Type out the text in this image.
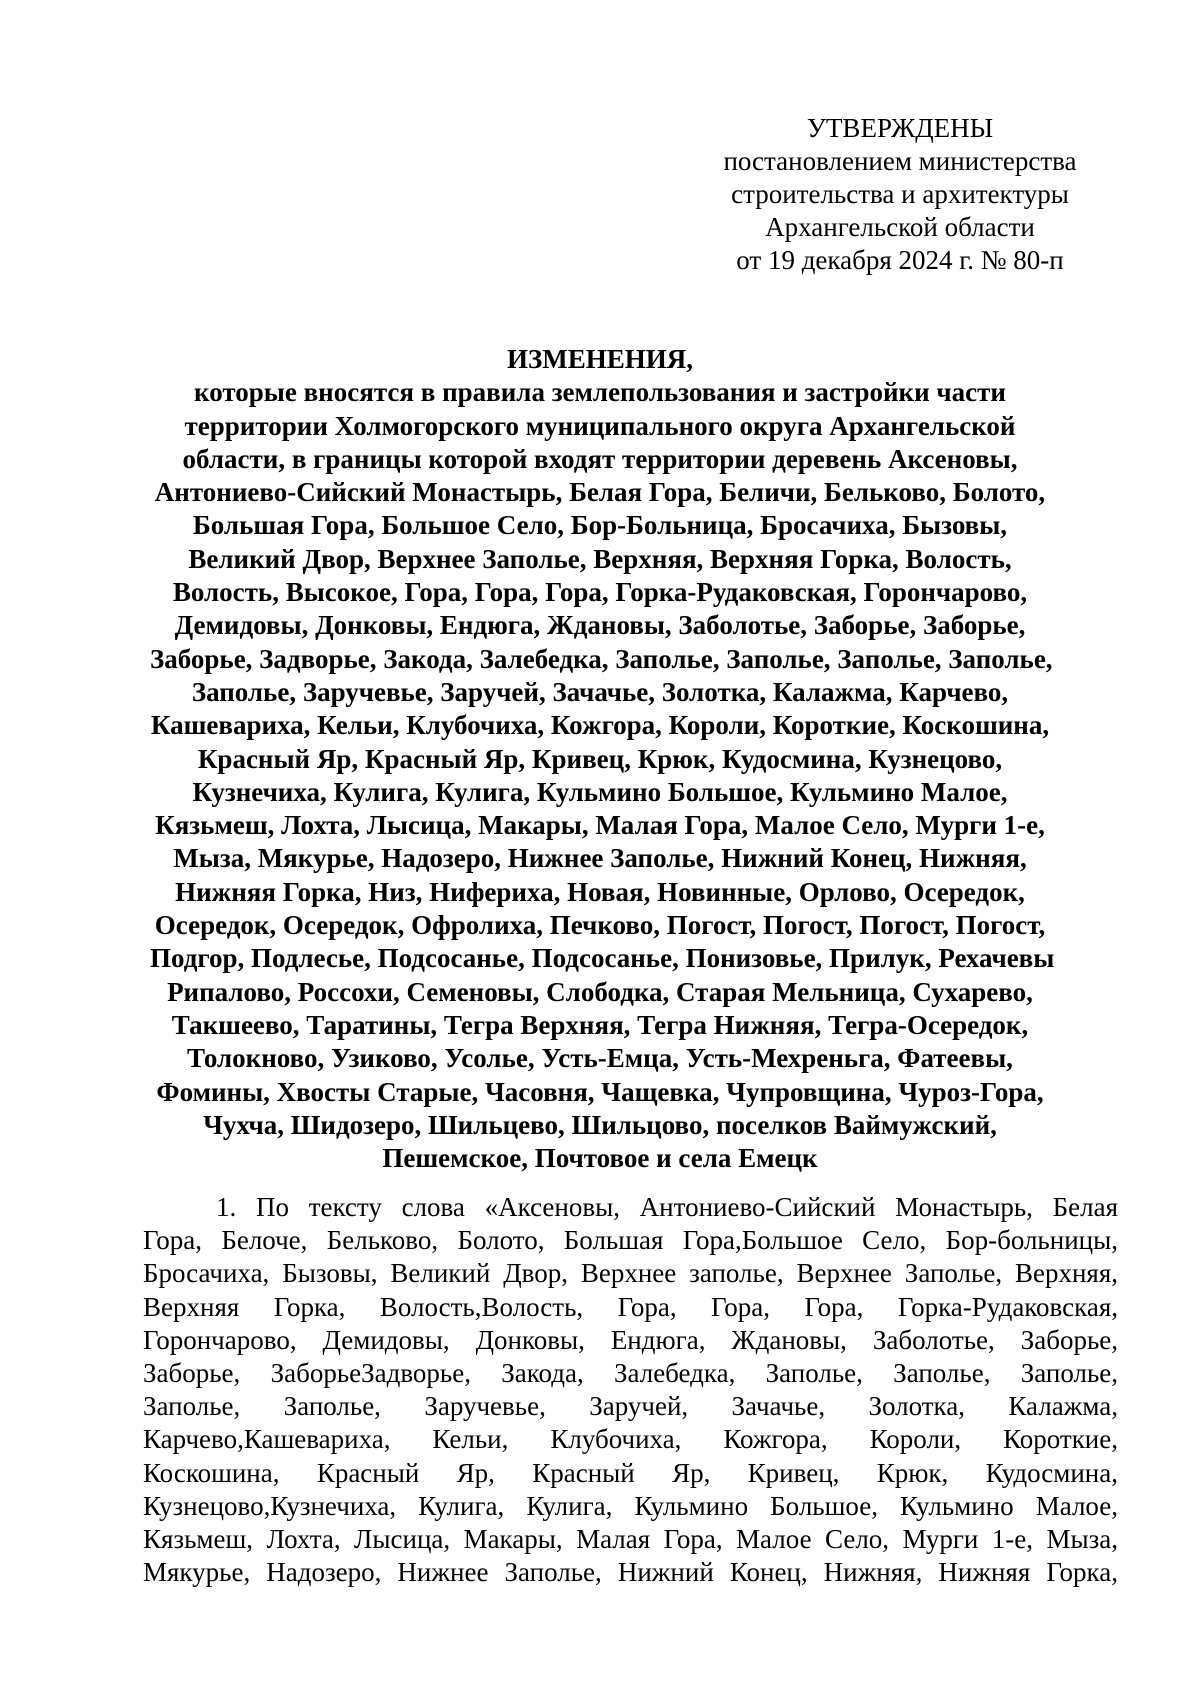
УТВЕРЖДЕНЫ
постановлением министерства
строительства и архитектуры
Архангельской области
от 19 декабря 2024 г. № 80-п
ИЗМЕНЕНИЯ,
которые вносятся в правила землепользования и застройки части
территории Холмогорского муниципального округа Архангельской
области, в границы которой входят территории деревень Аксеновы,
Антониево-Сийский Монастырь, Белая Гора, Беличи, Бельково, Болото,
Большая Гора, Большое Село, Бор-Больница, Бросачиха, Бызовы,
Великий Двор, Верхнее Заполье, Верхняя, Верхняя Горка, Волость,
Волость, Высокое, Гора, Гора, Гора, Горка-Рудаковская, Горончарово,
Демидовы, Донковы, Ендюга, Ждановы, Заболотье, Заборье, Заборье,
Заборье, Задворье, Закода, Залебедка, Заполье, Заполье, Заполье, Заполье,
Заполье, Заручевье, Заручей, Зачачье, Золотка, Калажма, Карчево,
Кашевариха, Кельи, Клубочиха, Кожгора, Короли, Короткие, Коскошина,
Красный Яр, Красный Яр, Кривец, Крюк, Кудосмина, Кузнецово,
Кузнечиха, Кулига, Кулига, Кульмино Большое, Кульмино Малое,
Кязьмеш, Лохта, Лысица, Макары, Малая Гора, Малое Село, Мурги 1-е,
Мыза, Мякурье, Надозеро, Нижнее Заполье, Нижний Конец, Нижняя,
Нижняя Горка, Низ, Нифериха, Новая, Новинные, Орлово, Осередок,
Осередок, Осередок, Офролиха, Печково, Погост, Погост, Погост, Погост,
Подгор, Подлесье, Подсосанье, Подсосанье, Понизовье, Прилук, Рехачевы
Рипалово, Россохи, Семеновы, Слободка, Старая Мельница, Сухарево,
Такшеево, Таратины, Тегра Верхняя, Тегра Нижняя, Тегра-Осередок,
Толокново, Узиково, Усолье, Усть-Емца, Усть-Мехреньга, Фатеевы,
Фомины, Хвосты Старые, Часовня, Чащевка, Чупровщина, Чуроз-Гора,
Чухча, Шидозеро, Шильцево, Шильцово, поселков Ваймужский,
Пешемское, Почтовое и села Емецк
1. По тексту слова «Аксеновы, Антониево-Сийский Монастырь, Белая
Гора, Белоче, Бельково, Болото, Большая Гора,Большое Село, Бор-больницы,
Бросачиха, Бызовы, Великий Двор, Верхнее заполье, Верхнее Заполье, Верхняя,
Верхняя Горка, Волость,Волость, Гора, Гора, Гора, Горка-Рудаковская,
Горончарово, Демидовы, Донковы, Ендюга, Ждановы, Заболотье, Заборье,
Заборье, ЗаборьеЗадворье, Закода, Залебедка, Заполье, Заполье, Заполье,
Заполье, Заполье, Заручевье, Заручей, Зачачье, Золотка, Калажма,
Карчево,Кашевариха, Кельи, Клубочиха, Кожгора, Короли, Короткие,
Коскошина, Красный Яр, Красный Яр, Кривец, Крюк, Кудосмина,
Кузнецово,Кузнечиха, Кулига, Кулига, Кульмино Большое, Кульмино Малое,
Кязьмеш, Лохта, Лысица, Макары, Малая Гора, Малое Село, Мурги 1-е, Мыза,
Мякурье, Надозеро, Нижнее Заполье, Нижний Конец, Нижняя, Нижняя Горка,
